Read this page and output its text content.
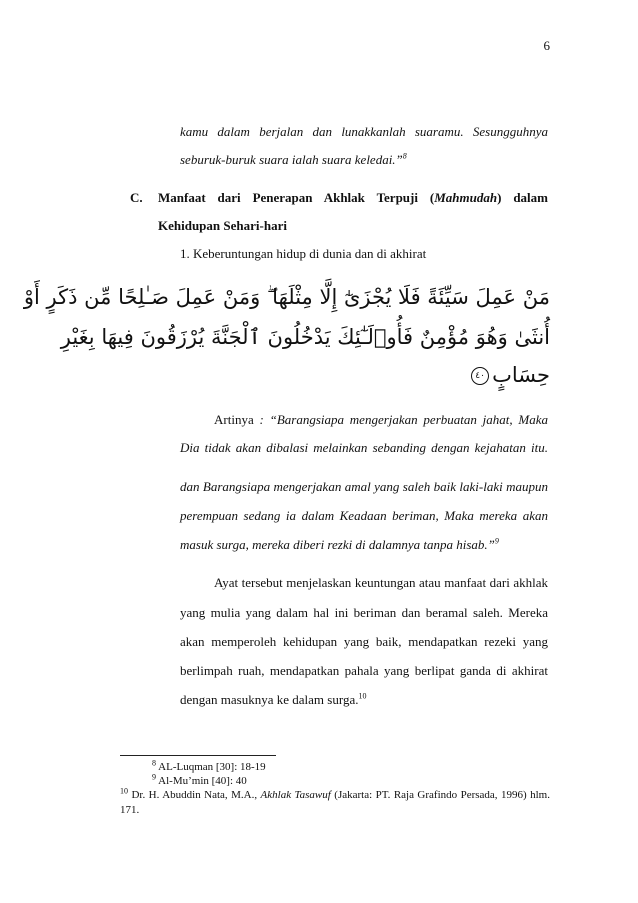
6
kamu dalam berjalan dan lunakkanlah suaramu. Sesungguhnya
seburuk-buruk suara ialah suara keledai.”$^8$
C. Manfaat dari Penerapan Akhlak Terpuji (Mahmudah) dalam
Kehidupan Sehari-hari
1. Keberuntungan hidup di dunia dan di akhirat
مَنْ عَمِلَ سَيِّئَةً فَلَا يُجْزَىٰٓ إِلَّا مِثْلَهَا ۖ وَمَنْ عَمِلَ صَـٰلِحًا مِّن ذَكَرٍ أَوْ
أُنثَىٰ وَهُوَ مُؤْمِنٌ فَأُو۟لَـٰٓئِكَ يَدْخُلُونَ ٱلْجَنَّةَ يُرْزَقُونَ فِيهَا بِغَيْرِ
حِسَابٍ٤٠
Artinya : “Barangsiapa mengerjakan perbuatan jahat, Maka
Dia tidak akan dibalasi melainkan sebanding dengan kejahatan itu.
dan Barangsiapa mengerjakan amal yang saleh baik laki-laki maupun
perempuan sedang ia dalam Keadaan beriman, Maka mereka akan
masuk surga, mereka diberi rezki di dalamnya tanpa hisab.”$^9$
Ayat tersebut menjelaskan keuntungan atau manfaat dari akhlak
yang mulia yang dalam hal ini beriman dan beramal saleh. Mereka
akan memperoleh kehidupan yang baik, mendapatkan rezeki yang
berlimpah ruah, mendapatkan pahala yang berlipat ganda di akhirat
dengan masuknya ke dalam surga.$^{10}$
$^8$ AL-Luqman [30]: 18-19
$^9$ Al-Mu’min [40]: 40
$^{10}$ Dr. H. Abuddin Nata, M.A., Akhlak Tasawuf (Jakarta: PT. Raja Grafindo Persada, 1996) hlm.
171.
